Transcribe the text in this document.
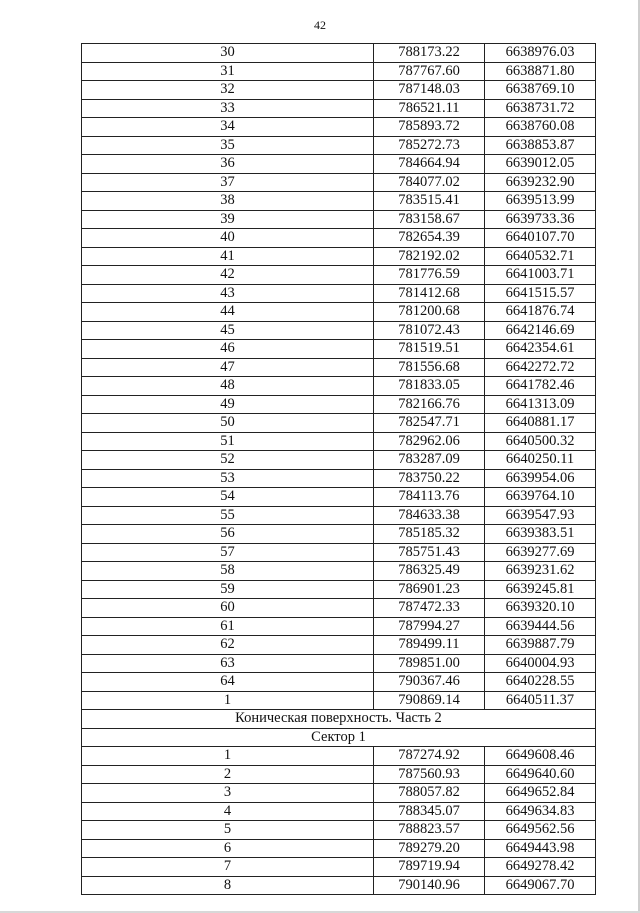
42
30	788173.22	6638976.03
31	787767.60	6638871.80
32	787148.03	6638769.10
33	786521.11	6638731.72
34	785893.72	6638760.08
35	785272.73	6638853.87
36	784664.94	6639012.05
37	784077.02	6639232.90
38	783515.41	6639513.99
39	783158.67	6639733.36
40	782654.39	6640107.70
41	782192.02	6640532.71
42	781776.59	6641003.71
43	781412.68	6641515.57
44	781200.68	6641876.74
45	781072.43	6642146.69
46	781519.51	6642354.61
47	781556.68	6642272.72
48	781833.05	6641782.46
49	782166.76	6641313.09
50	782547.71	6640881.17
51	782962.06	6640500.32
52	783287.09	6640250.11
53	783750.22	6639954.06
54	784113.76	6639764.10
55	784633.38	6639547.93
56	785185.32	6639383.51
57	785751.43	6639277.69
58	786325.49	6639231.62
59	786901.23	6639245.81
60	787472.33	6639320.10
61	787994.27	6639444.56
62	789499.11	6639887.79
63	789851.00	6640004.93
64	790367.46	6640228.55
1	790869.14	6640511.37
Коническая поверхность. Часть 2		
Сектор 1		
1	787274.92	6649608.46
2	787560.93	6649640.60
3	788057.82	6649652.84
4	788345.07	6649634.83
5	788823.57	6649562.56
6	789279.20	6649443.98
7	789719.94	6649278.42
8	790140.96	6649067.70
